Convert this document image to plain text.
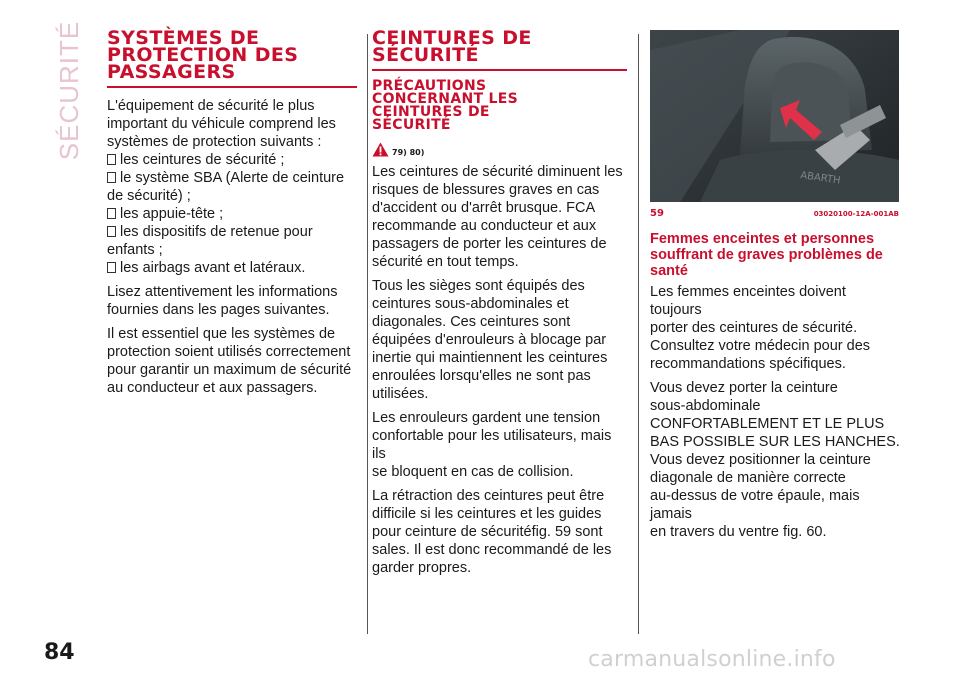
SÉCURITÉ SYSTÈMES DE
PROTECTION DES
PASSAGERS
L'équipement de sécurité le plus
important du véhicule comprend les
systèmes de protection suivants :
les ceintures de sécurité ;
le système SBA (Alerte de ceinture
de sécurité) ;
les appuie-tête ;
les dispositifs de retenue pour
enfants ;
les airbags avant et latéraux.
Lisez attentivement les informations
fournies dans les pages suivantes.
Il est essentiel que les systèmes de
protection soient utilisés correctement
pour garantir un maximum de sécurité
au conducteur et aux passagers.
CEINTURES DE
SÉCURITÉ
PRÉCAUTIONS
CONCERNANT LES
CEINTURES DE
SÉCURITÉ
79) 80)
Les ceintures de sécurité diminuent les
risques de blessures graves en cas
d'accident ou d'arrêt brusque. FCA
recommande au conducteur et aux
passagers de porter les ceintures de
sécurité en tout temps.
Tous les sièges sont équipés des
ceintures sous-abdominales et
diagonales. Ces ceintures sont
équipées d'enrouleurs à blocage par
inertie qui maintiennent les ceintures
enroulées lorsqu'elles ne sont pas
utilisées.
Les enrouleurs gardent une tension
confortable pour les utilisateurs, mais ils
se bloquent en cas de collision.
La rétraction des ceintures peut être
difficile si les ceintures et les guides
pour ceinture de sécuritéfig. 59 sont
sales. Il est donc recommandé de les
garder propres.
ABARTH
59	03020100-12A-001AB
Femmes enceintes et personnes
souffrant de graves problèmes de
santé
Les femmes enceintes doivent toujours
porter des ceintures de sécurité.
Consultez votre médecin pour des
recommandations spécifiques.
Vous devez porter la ceinture
sous-abdominale
CONFORTABLEMENT ET LE PLUS
BAS POSSIBLE SUR LES HANCHES.
Vous devez positionner la ceinture
diagonale de manière correcte
au-dessus de votre épaule, mais jamais
en travers du ventre fig. 60.
84	carmanualsonline.info
